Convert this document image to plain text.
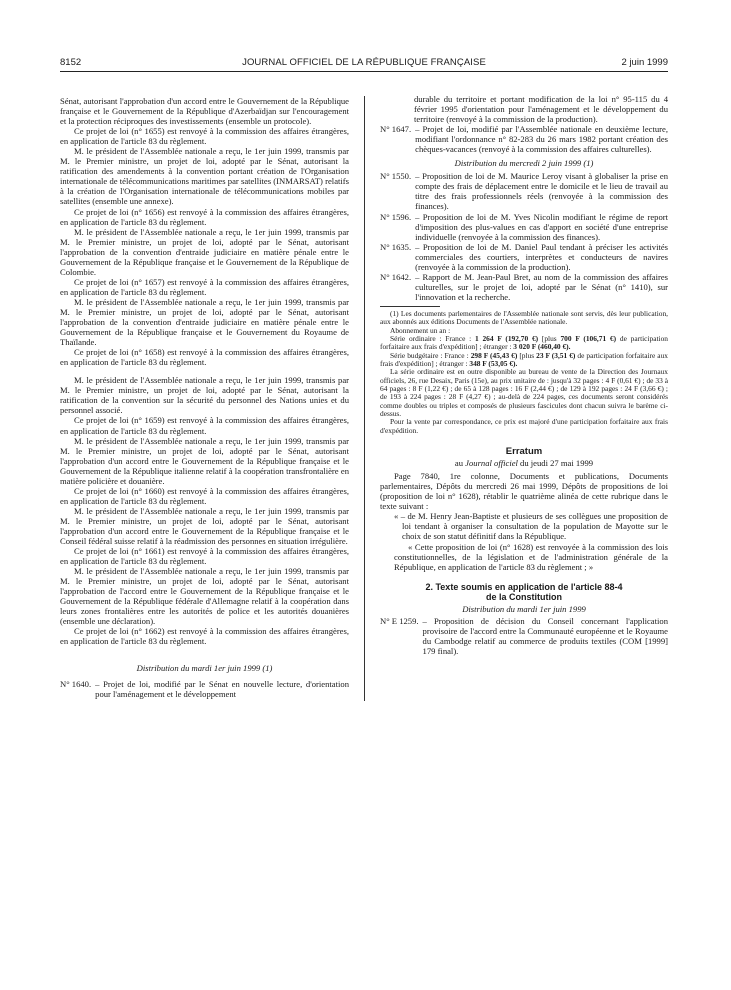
8152	JOURNAL OFFICIEL DE LA RÉPUBLIQUE FRANÇAISE	2 juin 1999

Sénat, autorisant l'approbation d'un accord entre le Gouvernement de la République française et le Gouvernement de la République d'Azerbaïdjan sur l'encouragement et la protection réciproques des investissements (ensemble un protocole).

Ce projet de loi (n° 1655) est renvoyé à la commission des affaires étrangères, en application de l'article 83 du règlement.

M. le président de l'Assemblée nationale a reçu, le 1er juin 1999, transmis par M. le Premier ministre, un projet de loi, adopté par le Sénat, autorisant la ratification des amendements à la convention portant création de l'Organisation internationale de télécommunications maritimes par satellites (INMARSAT) relatifs à la création de l'Organisation internationale de télécommunications mobiles par satellites (ensemble une annexe).

Ce projet de loi (n° 1656) est renvoyé à la commission des affaires étrangères, en application de l'article 83 du règlement.

M. le président de l'Assemblée nationale a reçu, le 1er juin 1999, transmis par M. le Premier ministre, un projet de loi, adopté par le Sénat, autorisant l'approbation de la convention d'entraide judiciaire en matière pénale entre le Gouvernement de la République française et le Gouvernement de la République de Colombie.

Ce projet de loi (n° 1657) est renvoyé à la commission des affaires étrangères, en application de l'article 83 du règlement.

M. le président de l'Assemblée nationale a reçu, le 1er juin 1999, transmis par M. le Premier ministre, un projet de loi, adopté par le Sénat, autorisant l'approbation de la convention d'entraide judiciaire en matière pénale entre le Gouvernement de la République française et le Gouvernement du Royaume de Thaïlande.

Ce projet de loi (n° 1658) est renvoyé à la commission des affaires étrangères, en application de l'article 83 du règlement.

M. le président de l'Assemblée nationale a reçu, le 1er juin 1999, transmis par M. le Premier ministre, un projet de loi, adopté par le Sénat, autorisant la ratification de la convention sur la sécurité du personnel des Nations unies et du personnel associé.

Ce projet de loi (n° 1659) est renvoyé à la commission des affaires étrangères, en application de l'article 83 du règlement.

M. le président de l'Assemblée nationale a reçu, le 1er juin 1999, transmis par M. le Premier ministre, un projet de loi, adopté par le Sénat, autorisant l'approbation d'un accord entre le Gouvernement de la République française et le Gouvernement de la République italienne relatif à la coopération transfrontalière en matière policière et douanière.

Ce projet de loi (n° 1660) est renvoyé à la commission des affaires étrangères, en application de l'article 83 du règlement.

M. le président de l'Assemblée nationale a reçu, le 1er juin 1999, transmis par M. le Premier ministre, un projet de loi, adopté par le Sénat, autorisant l'approbation d'un accord entre le Gouvernement de la République française et le Conseil fédéral suisse relatif à la réadmission des personnes en situation irrégulière.

Ce projet de loi (n° 1661) est renvoyé à la commission des affaires étrangères, en application de l'article 83 du règlement.

M. le président de l'Assemblée nationale a reçu, le 1er juin 1999, transmis par M. le Premier ministre, un projet de loi, adopté par le Sénat, autorisant l'approbation de l'accord entre le Gouvernement de la République française et le Gouvernement de la République fédérale d'Allemagne relatif à la coopération dans leurs zones frontalières entre les autorités de police et les autorités douanières (ensemble une déclaration).

Ce projet de loi (n° 1662) est renvoyé à la commission des affaires étrangères, en application de l'article 83 du règlement.

Distribution du mardi 1er juin 1999 (1)

N° 1640. – Projet de loi, modifié par le Sénat en nouvelle lecture, d'orientation pour l'aménagement et le développement

durable du territoire et portant modification de la loi n° 95-115 du 4 février 1995 d'orientation pour l'aménagement et le développement du territoire (renvoyé à la commission de la production).

N° 1647. – Projet de loi, modifié par l'Assemblée nationale en deuxième lecture, modifiant l'ordonnance n° 82-283 du 26 mars 1982 portant création des chèques-vacances (renvoyé à la commission des affaires culturelles).

Distribution du mercredi 2 juin 1999 (1)

N° 1550. – Proposition de loi de M. Maurice Leroy visant à globaliser la prise en compte des frais de déplacement entre le domicile et le lieu de travail au titre des frais professionnels réels (renvoyée à la commission des finances).
N° 1596. – Proposition de loi de M. Yves Nicolin modifiant le régime de report d'imposition des plus-values en cas d'apport en société d'une entreprise individuelle (renvoyée à la commission des finances).
N° 1635. – Proposition de loi de M. Daniel Paul tendant à préciser les activités commerciales des courtiers, interprètes et conducteurs de navires (renvoyée à la commission de la production).
N° 1642. – Rapport de M. Jean-Paul Bret, au nom de la commission des affaires culturelles, sur le projet de loi, adopté par le Sénat (n° 1410), sur l'innovation et la recherche.

(1) Les documents parlementaires de l'Assemblée nationale sont servis, dès leur publication, aux abonnés aux éditions Documents de l'Assemblée nationale.

Abonnement un an :

Série ordinaire : France : 1 264 F (192,70 €) [plus 700 F (106,71 €) de participation forfaitaire aux frais d'expédition] ; étranger : 3 020 F (460,40 €).

Série budgétaire : France : 298 F (45,43 €) [plus 23 F (3,51 €) de participation forfaitaire aux frais d'expédition] ; étranger : 348 F (53,05 €).

La série ordinaire est en outre disponible au bureau de vente de la Direction des Journaux officiels, 26, rue Desaix, Paris (15e), au prix unitaire de : jusqu'à 32 pages : 4 F (0,61 €) ; de 33 à 64 pages : 8 F (1,22 €) ; de 65 à 128 pages : 16 F (2,44 €) ; de 129 à 192 pages : 24 F (3,66 €) ; de 193 à 224 pages : 28 F (4,27 €) ; au-delà de 224 pages, ces documents seront considérés comme doubles ou triples et composés de plusieurs fascicules dont chacun suivra le barème ci-dessus.

Pour la vente par correspondance, ce prix est majoré d'une participation forfaitaire aux frais d'expédition.

Erratum

au Journal officiel du jeudi 27 mai 1999

Page 7840, 1re colonne, Documents et publications, Documents parlementaires, Dépôts du mercredi 26 mai 1999, Dépôts de propositions de loi (proposition de loi n° 1628), rétablir le quatrième alinéa de cette rubrique dans le texte suivant :

« – de M. Henry Jean-Baptiste et plusieurs de ses collègues une proposition de loi tendant à organiser la consultation de la population de Mayotte sur le choix de son statut définitif dans la République.

« Cette proposition de loi (n° 1628) est renvoyée à la commission des lois constitutionnelles, de la législation et de l'administration générale de la République, en application de l'article 83 du règlement ; »

2. Texte soumis en application de l'article 88-4
de la Constitution

Distribution du mardi 1er juin 1999

N° E 1259. – Proposition de décision du Conseil concernant l'application provisoire de l'accord entre la Communauté européenne et le Royaume du Cambodge relatif au commerce de produits textiles (COM [1999] 179 final).
